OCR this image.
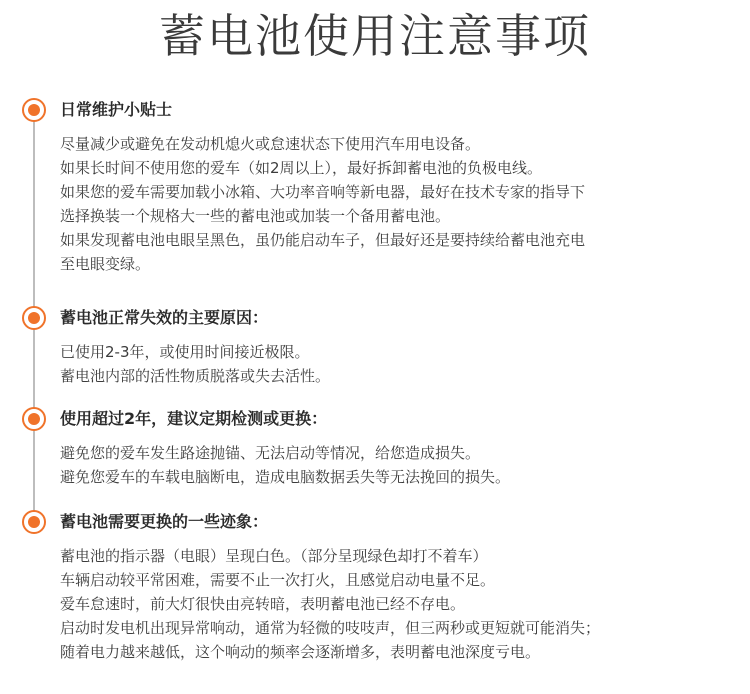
蓄电池使用注意事项
日常维护小贴士
尽量减少或避免在发动机熄火或怠速状态下使用汽车用电设备。
如果长时间不使用您的爱车（如2周以上），最好拆卸蓄电池的负极电线。
如果您的爱车需要加载小冰箱、大功率音响等新电器，最好在技术专家的指导下
选择换装一个规格大一些的蓄电池或加装一个备用蓄电池。
如果发现蓄电池电眼呈黑色，虽仍能启动车子，但最好还是要持续给蓄电池充电
至电眼变绿。
蓄电池正常失效的主要原因：
已使用2-3年，或使用时间接近极限。
蓄电池内部的活性物质脱落或失去活性。
使用超过2年，建议定期检测或更换：
避免您的爱车发生路途抛锚、无法启动等情况，给您造成损失。
避免您爱车的车载电脑断电，造成电脑数据丢失等无法挽回的损失。
蓄电池需要更换的一些迹象：
蓄电池的指示器（电眼）呈现白色。（部分呈现绿色却打不着车）
车辆启动较平常困难，需要不止一次打火，且感觉启动电量不足。
爱车怠速时，前大灯很快由亮转暗，表明蓄电池已经不存电。
启动时发电机出现异常响动，通常为轻微的吱吱声，但三两秒或更短就可能消失；
随着电力越来越低，这个响动的频率会逐渐增多，表明蓄电池深度亏电。
